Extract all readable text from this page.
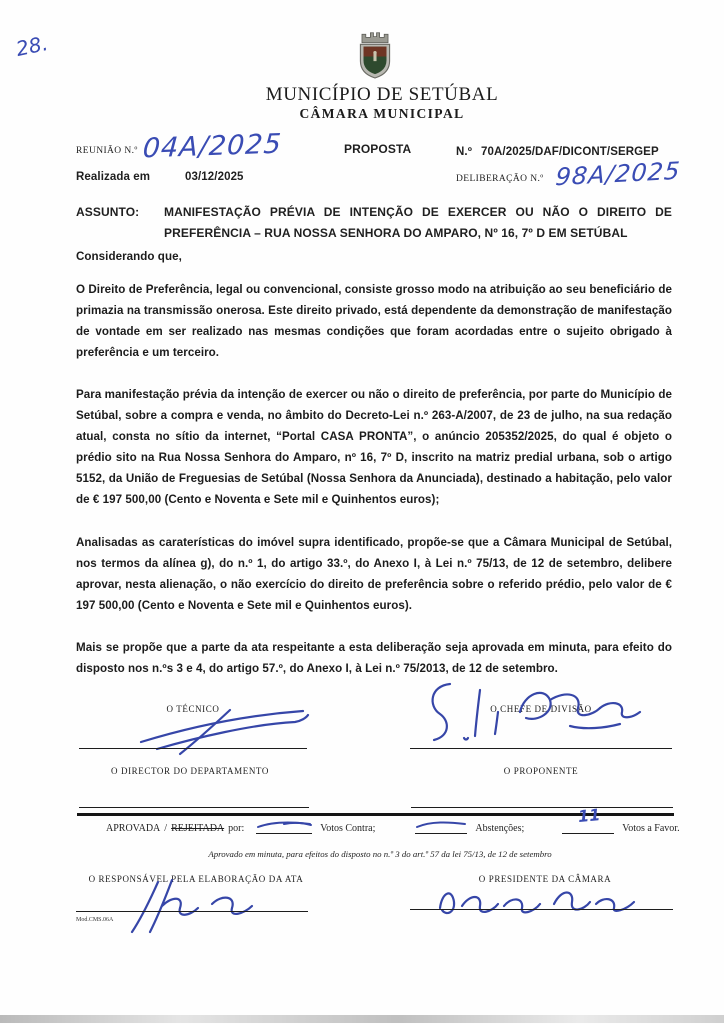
28.
MUNICÍPIO DE SETÚBAL
CÂMARA MUNICIPAL
REUNIÃO N.º 04A/2025	PROPOSTA	N.º 70A/2025/DAF/DICONT/SERGEP
Realizada em	03/12/2025	DELIBERAÇÃO N.º 98A/2025
ASSUNTO: MANIFESTAÇÃO PRÉVIA DE INTENÇÃO DE EXERCER OU NÃO O DIREITO DE PREFERÊNCIA – RUA NOSSA SENHORA DO AMPARO, Nº 16, 7º D EM SETÚBAL

Considerando que,

O Direito de Preferência, legal ou convencional, consiste grosso modo na atribuição ao seu beneficiário de primazia na transmissão onerosa. Este direito privado, está dependente da demonstração de manifestação de vontade em ser realizado nas mesmas condições que foram acordadas entre o sujeito obrigado à preferência e um terceiro.

Para manifestação prévia da intenção de exercer ou não o direito de preferência, por parte do Município de Setúbal, sobre a compra e venda, no âmbito do Decreto-Lei n.º 263-A/2007, de 23 de julho, na sua redação atual, consta no sítio da internet, “Portal CASA PRONTA”, o anúncio 205352/2025, do qual é objeto o prédio sito na Rua Nossa Senhora do Amparo, nº 16, 7º D, inscrito na matriz predial urbana, sob o artigo 5152, da União de Freguesias de Setúbal (Nossa Senhora da Anunciada), destinado a habitação, pelo valor de € 197 500,00 (Cento e Noventa e Sete mil e Quinhentos euros);

Analisadas as caraterísticas do imóvel supra identificado, propõe-se que a Câmara Municipal de Setúbal, nos termos da alínea g), do n.º 1, do artigo 33.º, do Anexo I, à Lei n.º 75/13, de 12 de setembro, delibere aprovar, nesta alienação, o não exercício do direito de preferência sobre o referido prédio, pelo valor de € 197 500,00 (Cento e Noventa e Sete mil e Quinhentos euros).

Mais se propõe que a parte da ata respeitante a esta deliberação seja aprovada em minuta, para efeito do disposto nos n.ºs 3 e 4, do artigo 57.º, do Anexo I, à Lei n.º 75/2013, de 12 de setembro.

O TÉCNICO	O CHEFE DE DIVISÃO
O DIRECTOR DO DEPARTAMENTO	O PROPONENTE
APROVADA / REJEITADA por:	Votos Contra;	Abstenções;
11
Votos a Favor.
Aprovado em minuta, para efeitos do disposto no n.º 3 do art.º 57 da lei 75/13, de 12 de setembro
O RESPONSÁVEL PELA ELABORAÇÃO DA ATA	O PRESIDENTE DA CÂMARA
Mod.CMS.06A
